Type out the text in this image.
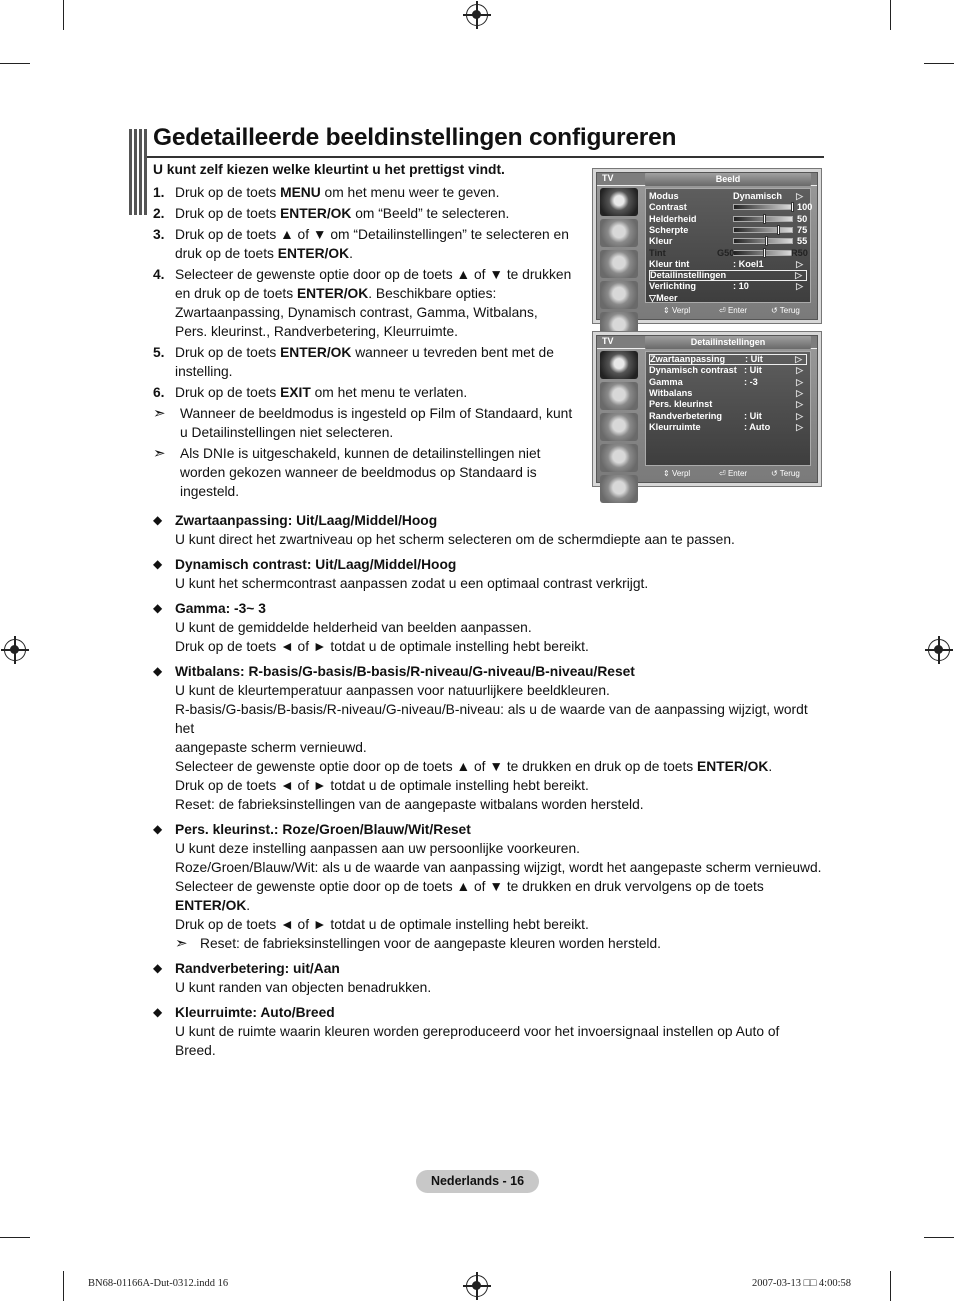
Gedetailleerde beeldinstellingen configureren
U kunt zelf kiezen welke kleurtint u het prettigst vindt.
1. Druk op de toets MENU om het menu weer te geven.
2. Druk op de toets ENTER/OK om “Beeld” te selecteren.
3. Druk op de toets ▲ of ▼ om “Detailinstellingen” te selecteren en druk op de toets ENTER/OK.
4. Selecteer de gewenste optie door op de toets ▲ of ▼ te drukken en druk op de toets ENTER/OK. Beschikbare opties: Zwartaanpassing, Dynamisch contrast, Gamma, Witbalans, Pers. kleurinst., Randverbetering, Kleurruimte.
5. Druk op de toets ENTER/OK wanneer u tevreden bent met de instelling.
6. Druk op de toets EXIT om het menu te verlaten.
➣	Wanneer de beeldmodus is ingesteld op Film of Standaard, kunt u Detailinstellingen niet selecteren.
➣	Als DNIe is uitgeschakeld, kunnen de detailinstellingen niet worden gekozen wanneer de beeldmodus op Standaard is ingesteld.
TV	Beeld
Modus	Dynamisch ▷
Contrast	100
Helderheid	50
Scherpte	75
Kleur	55
Tint	G50	R50
Kleur tint	: Koel1	▷
Detailinstellingen	▷
Verlichting	: 10	▷
▽Meer
⇕ Verpl	⏎ Enter	↺ Terug
TV	Detailinstellingen
Zwartaanpassing : Uit	▷
Dynamisch contrast : Uit	▷
Gamma	: -3	▷
Witbalans	▷
Pers. kleurinst	▷
Randverbetering : Uit	▷
Kleurruimte	: Auto	▷
⇕ Verpl	⏎ Enter	↺ Terug
◆ Zwartaanpassing: Uit/Laag/Middel/Hoog
U kunt direct het zwartniveau op het scherm selecteren om de schermdiepte aan te passen.
◆ Dynamisch contrast: Uit/Laag/Middel/Hoog
U kunt het schermcontrast aanpassen zodat u een optimaal contrast verkrijgt.
◆ Gamma: -3~ 3
U kunt de gemiddelde helderheid van beelden aanpassen.
Druk op de toets ◄ of ► totdat u de optimale instelling hebt bereikt.
◆ Witbalans: R-basis/G-basis/B-basis/R-niveau/G-niveau/B-niveau/Reset
U kunt de kleurtemperatuur aanpassen voor natuurlijkere beeldkleuren.
R-basis/G-basis/B-basis/R-niveau/G-niveau/B-niveau: als u de waarde van de aanpassing wijzigt, wordt het
aangepaste scherm vernieuwd.
Selecteer de gewenste optie door op de toets ▲ of ▼ te drukken en druk op de toets ENTER/OK.
Druk op de toets ◄ of ► totdat u de optimale instelling hebt bereikt.
Reset: de fabrieksinstellingen van de aangepaste witbalans worden hersteld.
◆ Pers. kleurinst.: Roze/Groen/Blauw/Wit/Reset
U kunt deze instelling aanpassen aan uw persoonlijke voorkeuren.
Roze/Groen/Blauw/Wit: als u de waarde van aanpassing wijzigt, wordt het aangepaste scherm vernieuwd.
Selecteer de gewenste optie door op de toets ▲ of ▼ te drukken en druk vervolgens op de toets ENTER/OK.
Druk op de toets ◄ of ► totdat u de optimale instelling hebt bereikt.
➣ Reset: de fabrieksinstellingen voor de aangepaste kleuren worden hersteld.
◆ Randverbetering: uit/Aan
U kunt randen van objecten benadrukken.
◆ Kleurruimte: Auto/Breed
U kunt de ruimte waarin kleuren worden gereproduceerd voor het invoersignaal instellen op Auto of Breed.
Nederlands - 16
BN68-01166A-Dut-0312.indd 16	2007-03-13 □□ 4:00:58
